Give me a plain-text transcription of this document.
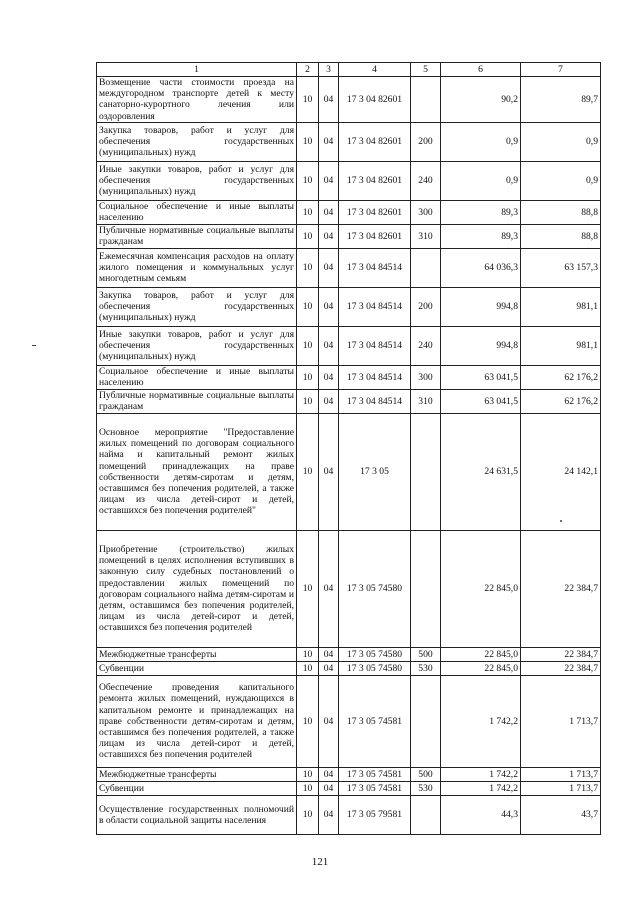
1	2	3	4	5	6	7
Возмещение части стоимости проезда на междугородном транспорте детей к месту санаторно-курортного лечения или оздоровления	10	04	17 3 04 82601		90,2	89,7
Закупка товаров, работ и услуг для обеспечения государственных (муниципальных) нужд	10	04	17 3 04 82601	200	0,9	0,9
Иные закупки товаров, работ и услуг для обеспечения государственных (муниципальных) нужд	10	04	17 3 04 82601	240	0,9	0,9
Социальное обеспечение и иные выплаты населению	10	04	17 3 04 82601	300	89,3	88,8
Публичные нормативные социальные выплаты гражданам	10	04	17 3 04 82601	310	89,3	88,8
Ежемесячная компенсация расходов на оплату жилого помещения и коммунальных услуг многодетным семьям	10	04	17 3 04 84514		64 036,3	63 157,3
Закупка товаров, работ и услуг для обеспечения государственных (муниципальных) нужд	10	04	17 3 04 84514	200	994,8	981,1
Иные закупки товаров, работ и услуг для обеспечения государственных (муниципальных) нужд	10	04	17 3 04 84514	240	994,8	981,1
Социальное обеспечение и иные выплаты населению	10	04	17 3 04 84514	300	63 041,5	62 176,2
Публичные нормативные социальные выплаты гражданам	10	04	17 3 04 84514	310	63 041,5	62 176,2
Основное мероприятие "Предоставление жилых помещений по договорам социального найма и капитальный ремонт жилых помещений принадлежащих на праве собственности детям-сиротам и детям, оставшимся без попечения родителей, а также лицам из числа детей-сирот и детей, оставшихся без попечения родителей"	10	04	17 3 05		24 631,5	24 142,1
Приобретение (строительство) жилых помещений в целях исполнения вступивших в законную силу судебных постановлений о предоставлении жилых помещений по договорам социального найма детям-сиротам и детям, оставшимся без попечения родителей, лицам из числа детей-сирот и детей, оставшихся без попечения родителей	10	04	17 3 05 74580		22 845,0	22 384,7
Межбюджетные трансферты	10	04	17 3 05 74580	500	22 845,0	22 384,7
Субвенции	10	04	17 3 05 74580	530	22 845,0	22 384,7
Обеспечение проведения капитального ремонта жилых помещений, нуждающихся в капитальном ремонте и принадлежащих на праве собственности детям-сиротам и детям, оставшимся без попечения родителей, а также лицам из числа детей-сирот и детей, оставшихся без попечения родителей	10	04	17 3 05 74581		1 742,2	1 713,7
Межбюджетные трансферты	10	04	17 3 05 74581	500	1 742,2	1 713,7
Субвенции	10	04	17 3 05 74581	530	1 742,2	1 713,7
Осуществление государственных полномочий в области социальной защиты населения	10	04	17 3 05 79581		44,3	43,7
121
